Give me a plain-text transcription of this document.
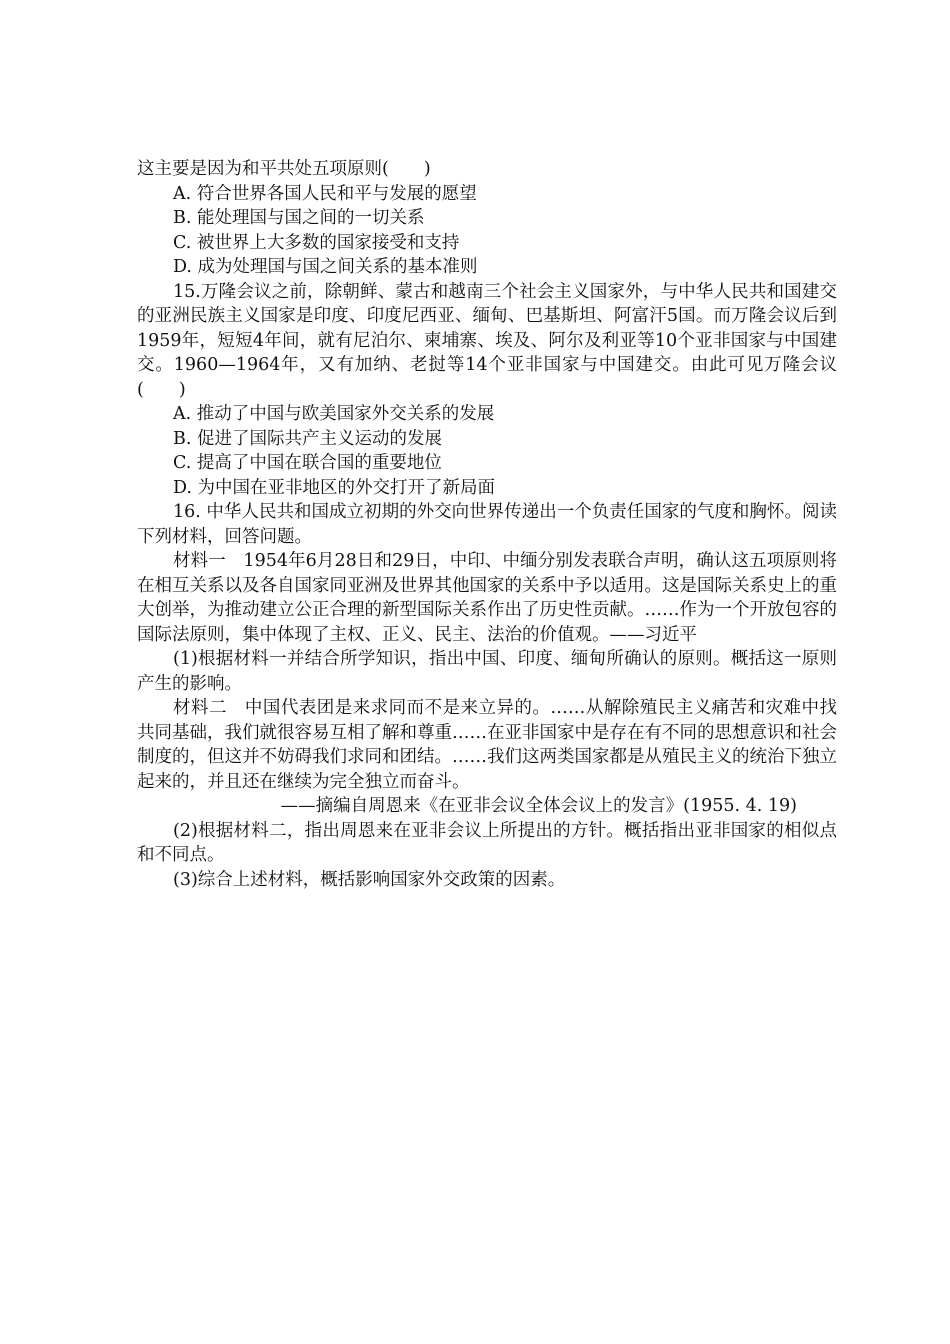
这主要是因为和平共处五项原则(　　)

A. 符合世界各国人民和平与发展的愿望

B. 能处理国与国之间的一切关系

C. 被世界上大多数的国家接受和支持

D. 成为处理国与国之间关系的基本准则

15.万隆会议之前，除朝鲜、蒙古和越南三个社会主义国家外，与中华人民共和国建交的亚洲民族主义国家是印度、印度尼西亚、缅甸、巴基斯坦、阿富汗5国。而万隆会议后到1959年，短短4年间，就有尼泊尔、柬埔寨、埃及、阿尔及利亚等10个亚非国家与中国建交。1960—1964年，又有加纳、老挝等14个亚非国家与中国建交。由此可见万隆会议(　　)

A. 推动了中国与欧美国家外交关系的发展

B. 促进了国际共产主义运动的发展

C. 提高了中国在联合国的重要地位

D. 为中国在亚非地区的外交打开了新局面

16. 中华人民共和国成立初期的外交向世界传递出一个负责任国家的气度和胸怀。阅读下列材料，回答问题。

材料一　1954年6月28日和29日，中印、中缅分别发表联合声明，确认这五项原则将在相互关系以及各自国家同亚洲及世界其他国家的关系中予以适用。这是国际关系史上的重大创举，为推动建立公正合理的新型国际关系作出了历史性贡献。……作为一个开放包容的国际法原则，集中体现了主权、正义、民主、法治的价值观。——习近平

(1)根据材料一并结合所学知识，指出中国、印度、缅甸所确认的原则。概括这一原则产生的影响。

材料二　中国代表团是来求同而不是来立异的。……从解除殖民主义痛苦和灾难中找共同基础，我们就很容易互相了解和尊重……在亚非国家中是存在有不同的思想意识和社会制度的，但这并不妨碍我们求同和团结。……我们这两类国家都是从殖民主义的统治下独立起来的，并且还在继续为完全独立而奋斗。

——摘编自周恩来《在亚非会议全体会议上的发言》(1955. 4. 19)

(2)根据材料二，指出周恩来在亚非会议上所提出的方针。概括指出亚非国家的相似点和不同点。

(3)综合上述材料，概括影响国家外交政策的因素。
